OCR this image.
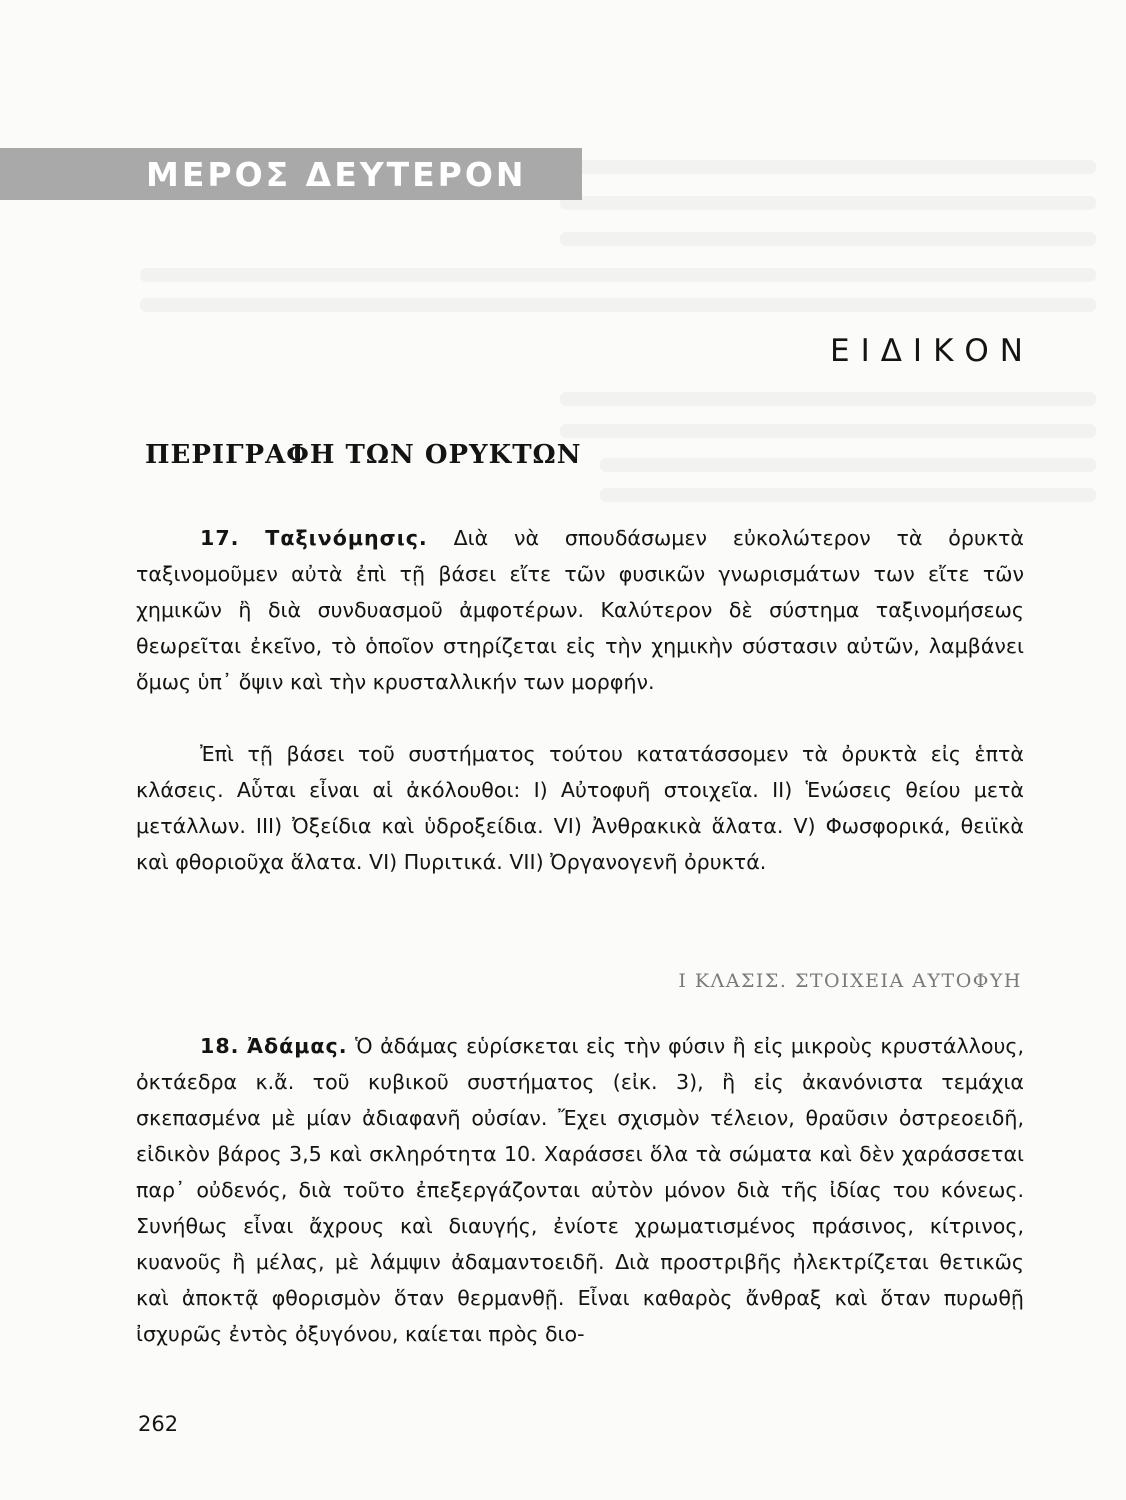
ΜΕΡΟΣ ΔΕΥΤΕΡΟΝ
ΕΙΔΙΚΟΝ
ΠΕΡΙΓΡΑΦΗ ΤΩΝ ΟΡΥΚΤΩΝ
17. Ταξινόμησις. Διὰ νὰ σπουδάσωμεν εὐκολώτερον τὰ ὀρυκτὰ ταξινομοῦμεν αὐτὰ ἐπὶ τῇ βάσει εἴτε τῶν φυσικῶν γνωρισμάτων των εἴτε τῶν χημικῶν ἢ διὰ συνδυασμοῦ ἀμφοτέρων. Καλύτερον δὲ σύστημα ταξινομήσεως θεωρεῖται ἐκεῖνο, τὸ ὁποῖον στηρίζεται εἰς τὴν χημικὴν σύστασιν αὐτῶν, λαμβάνει ὅμως ὑπ᾽ ὄψιν καὶ τὴν κρυσταλλικήν των μορφήν.
Ἐπὶ τῇ βάσει τοῦ συστήματος τούτου κατατάσσομεν τὰ ὀρυκτὰ εἰς ἑπτὰ κλάσεις. Αὗται εἶναι αἱ ἀκόλουθοι: I) Αὐτοφυῆ στοιχεῖα. II) Ἑνώσεις θείου μετὰ μετάλλων. III) Ὀξείδια καὶ ὑδροξείδια. VI) Ἀνθρακικὰ ἅλατα. V) Φωσφορικά, θειϊκὰ καὶ φθοριοῦχα ἅλατα. VI) Πυριτικά. VII) Ὀργανογενῆ ὀρυκτά.
Ι ΚΛΑΣΙΣ. ΣΤΟΙΧΕΙΑ ΑΥΤΟΦΥΗ
18. Ἀδάμας. Ὁ ἀδάμας εὑρίσκεται εἰς τὴν φύσιν ἢ εἰς μικροὺς κρυστάλλους, ὀκτάεδρα κ.ἄ. τοῦ κυβικοῦ συστήματος (εἰκ. 3), ἢ εἰς ἀκανόνιστα τεμάχια σκεπασμένα μὲ μίαν ἀδιαφανῆ οὐσίαν. Ἔχει σχισμὸν τέλειον, θραῦσιν ὀστρεοειδῆ, εἰδικὸν βάρος 3,5 καὶ σκληρότητα 10. Χαράσσει ὅλα τὰ σώματα καὶ δὲν χαράσσεται παρ᾽ οὐδενός, διὰ τοῦτο ἐπεξεργάζονται αὐτὸν μόνον διὰ τῆς ἰδίας του κόνεως. Συνήθως εἶναι ἄχρους καὶ διαυγής, ἐνίοτε χρωματισμένος πράσινος, κίτρινος, κυανοῦς ἢ μέλας, μὲ λάμψιν ἀδαμαντοειδῆ. Διὰ προστριβῆς ἠλεκτρίζεται θετικῶς καὶ ἀποκτᾷ φθορισμὸν ὅταν θερμανθῇ. Εἶναι καθαρὸς ἄνθραξ καὶ ὅταν πυρωθῇ ἰσχυρῶς ἐντὸς ὀξυγόνου, καίεται πρὸς διο-
262
